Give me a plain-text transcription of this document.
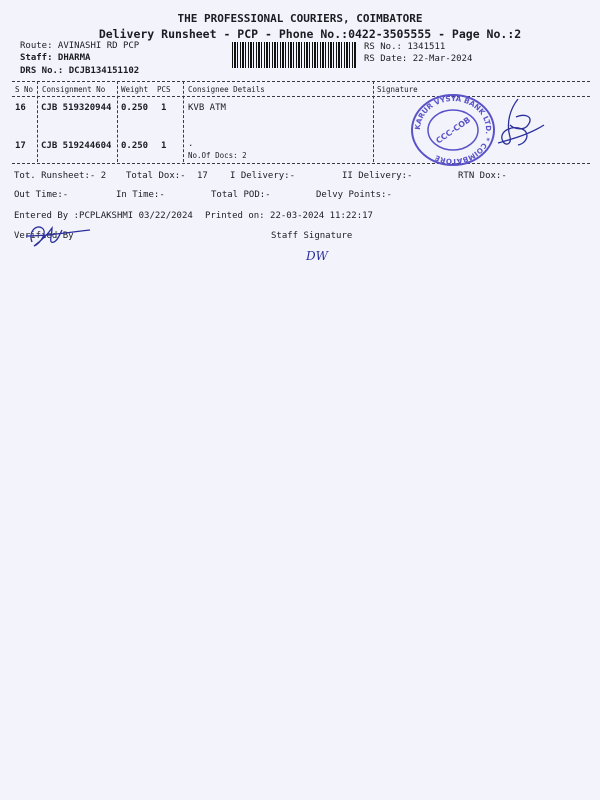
THE PROFESSIONAL COURIERS, COIMBATORE
Delivery Runsheet - PCP - Phone No.:0422-3505555 - Page No.:2
Route: AVINASHI RD PCP
Staff: DHARMA
DRS No.: DCJB134151102
RS No.: 1341511
RS Date: 22-Mar-2024
S No Consignment No Weight PCS Consignee Details	Signature
16 CJB 519320944 0.250 1 KVB ATM
17 CJB 519244604 0.250 1 .
No.Of Docs: 2
KARUR VYSYA BANK LTD. * COIMBATORE
CCC-COB
Tot. Runsheet:- 2 Total Dox:- 17 I Delivery:-	II Delivery:-	RTN Dox:-
Out Time:-	In Time:-	Total POD:-	Delvy Points:-
Entered By :PCPLAKSHMI 03/22/2024 Printed on: 22-03-2024 11:22:17
Verified By	Staff Signature
DW
